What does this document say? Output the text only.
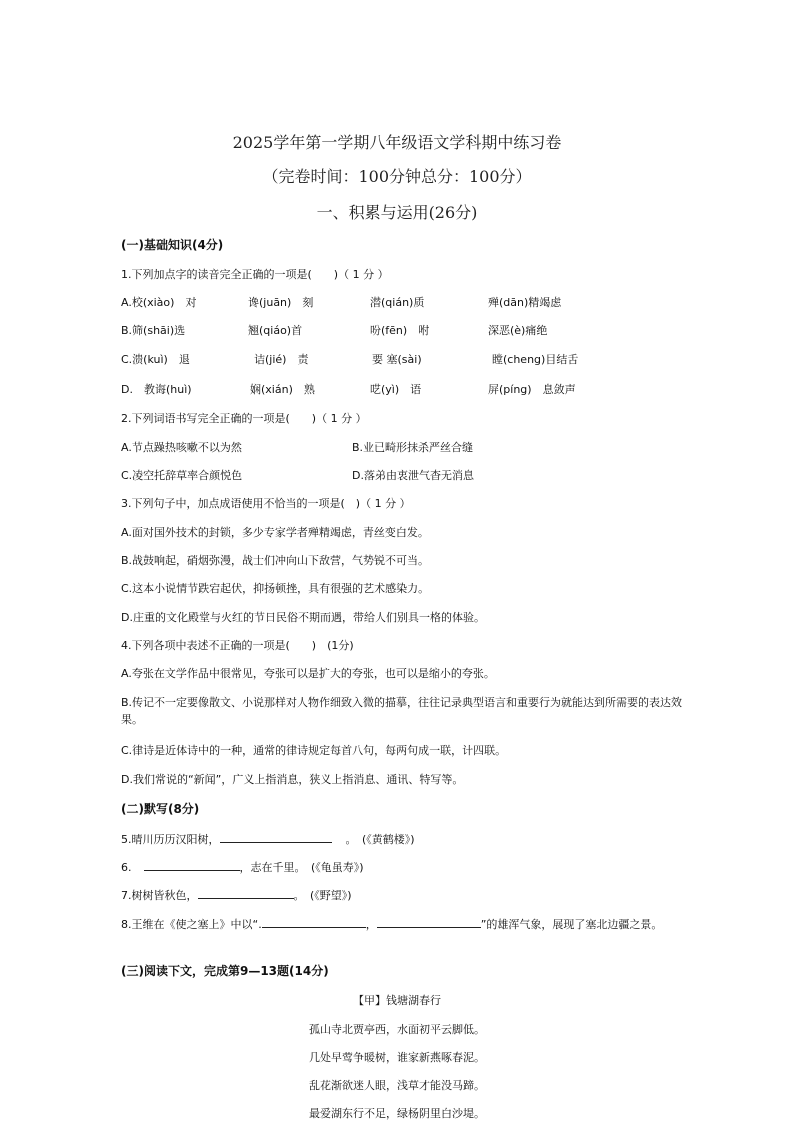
2025学年第一学期八年级语文学科期中练习卷
（完卷时间：100分钟总分：100分）
一、积累与运用(26分)
(一)基础知识(4分)
1.下列加点字的读音完全正确的一项是(　　)（ 1 分 ）
A.校(xiào)　对	谗(juān)　刻	潜(qián)质	殚(dān)精竭虑
B.筛(shāi)选	翘(qiáo)首	吩(fēn)　咐	深恶(è)痛绝
C.溃(kuì)　退	诘(jié)　责	要 塞(sài)	瞠(cheng)目结舌
D.　教诲(huì)	娴(xián)　熟	呓(yì)　语	屏(píng)　息敛声
2.下列词语书写完全正确的一项是(　　)（ 1 分 ）
A.节点躁热咳嗽不以为然	B.业已畸形抹杀严丝合缝
C.凌空托辞草率合颜悦色	D.落弟由衷泄气杳无消息
3.下列句子中，加点成语使用不恰当的一项是(　)（ 1 分 ）
A.面对国外技术的封锁，多少专家学者殚精竭虑，青丝变白发。
B.战鼓响起，硝烟弥漫，战士们冲向山下敌营，气势锐不可当。
C.这本小说情节跌宕起伏，抑扬顿挫，具有很强的艺术感染力。
D.庄重的文化殿堂与火红的节日民俗不期而遇，带给人们别具一格的体验。
4.下列各项中表述不正确的一项是(　　)　(1分)
A.夸张在文学作品中很常见，夸张可以是扩大的夸张，也可以是缩小的夸张。
B.传记不一定要像散文、小说那样对人物作细致入微的描摹，往往记录典型语言和重要行为就能达到所需要的表达效果。
C.律诗是近体诗中的一种，通常的律诗规定每首八句，每两句成一联，计四联。
D.我们常说的“新闻”，广义上指消息，狭义上指消息、通讯、特写等。
(二)默写(8分)
5.晴川历历汉阳树，	。　(《黄鹤楼》)
6.	，志在千里。　(《龟虽寿》)
7.树树皆秋色，	。　(《野望》)
8.王维在《使之塞上》中以“.	，	”的雄浑气象，展现了塞北边疆之景。
(三)阅读下文，完成第9—13题(14分)
【甲】钱塘湖春行
孤山寺北贾亭西，水面初平云脚低。
几处早莺争暖树，谁家新燕啄春泥。
乱花渐欲迷人眼，浅草才能没马蹄。
最爱湖东行不足，绿杨阴里白沙堤。
